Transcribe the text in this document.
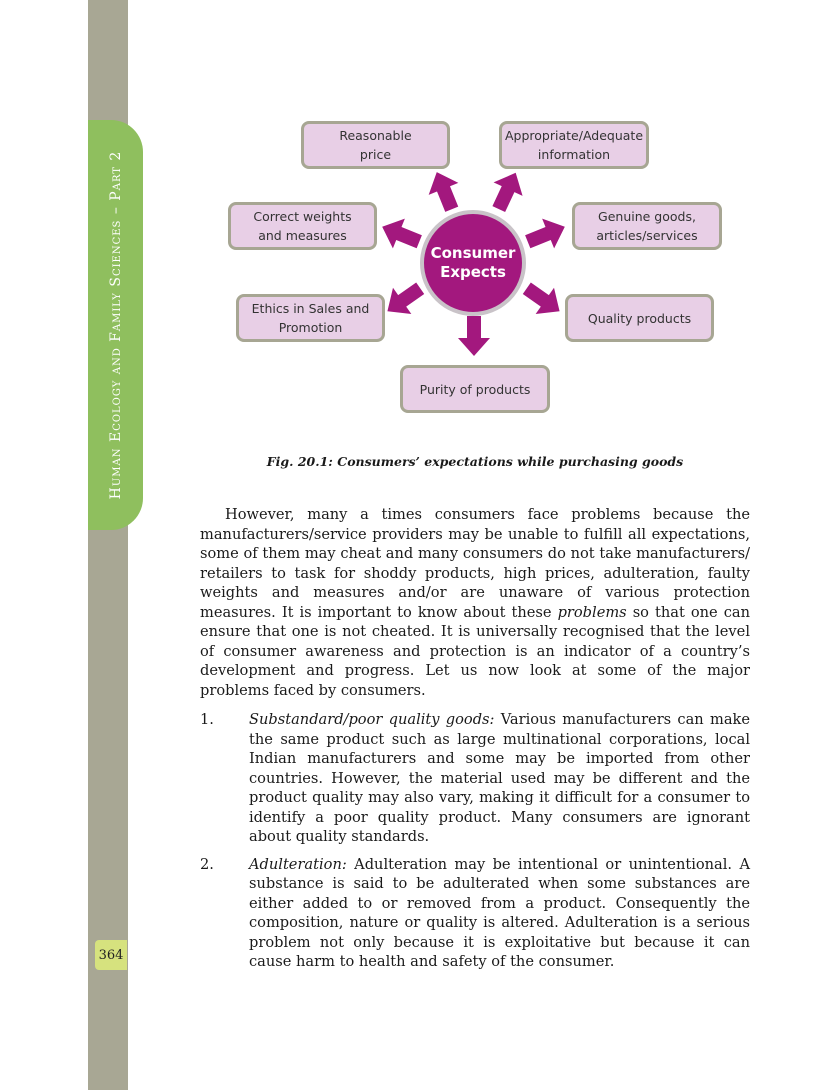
Human Ecology and Family Sciences – Part 2
364
Reasonable
price
Appropriate/Adequate
information
Correct weights
and measures
Genuine goods,
articles/services
Ethics in Sales and
Promotion
Quality products
Purity of products
Consumer
Expects
Fig. 20.1: Consumers’ expectations while purchasing goods

However, many a times consumers face problems because the manufacturers/service providers may be unable to fulfill all expectations, some of them may cheat and many consumers do not take manufacturers/ retailers to task for shoddy products, high prices, adulteration, faulty weights and measures and/or are unaware of various protection measures. It is important to know about these problems so that one can ensure that one is not cheated. It is universally recognised that the level of consumer awareness and protection is an indicator of a country’s development and progress. Let us now look at some of the major problems faced by consumers.

1.	Substandard/poor quality goods: Various manufacturers can make the same product such as large multinational corporations, local Indian manufacturers and some may be imported from other countries. However, the material used may be different and the product quality may also vary, making it difficult for a consumer to identify a poor quality product. Many consumers are ignorant about quality standards.
2.	Adulteration: Adulteration may be intentional or unintentional. A substance is said to be adulterated when some substances are either added to or removed from a product. Consequently the composition, nature or quality is altered. Adulteration is a serious problem not only because it is exploitative but because it can cause harm to health and safety of the consumer.
